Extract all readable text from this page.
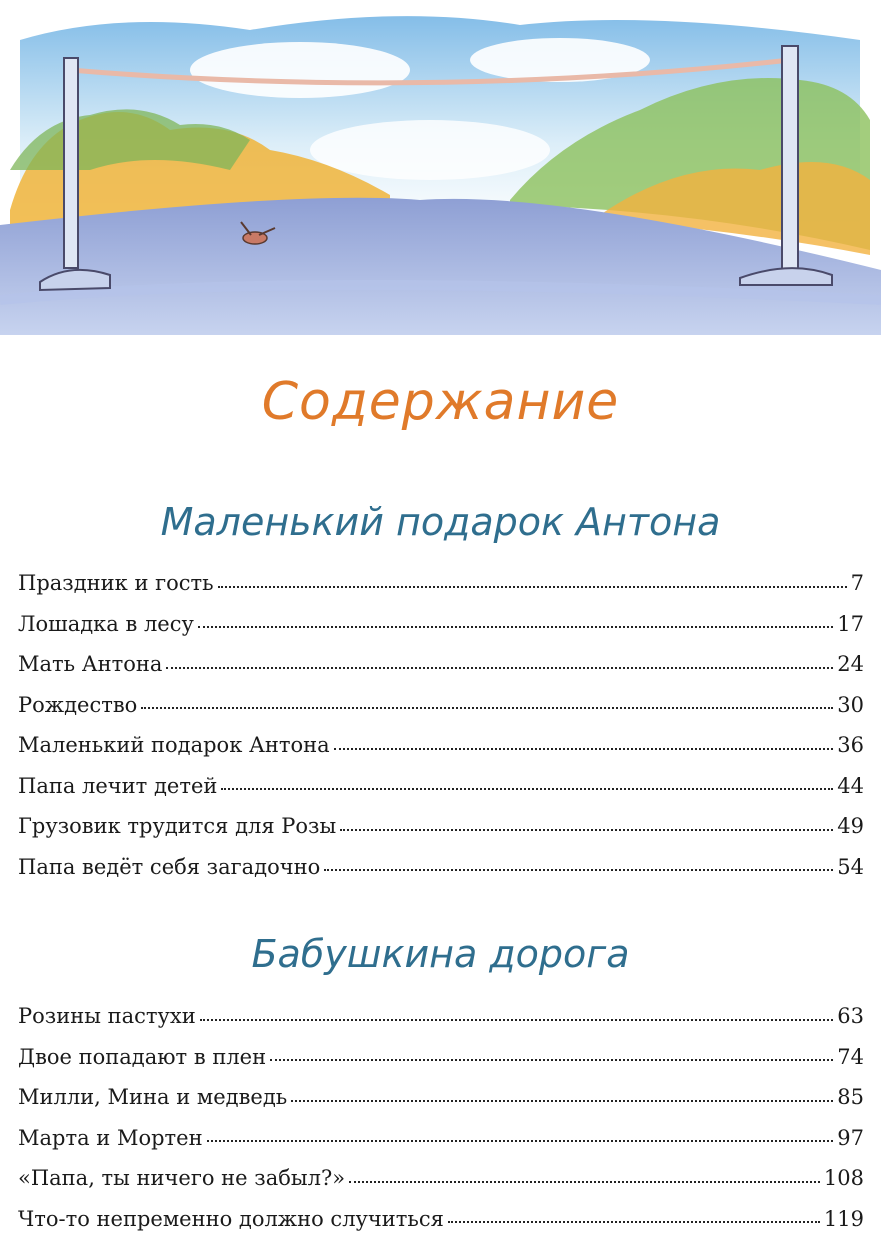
Содержание
Маленький подарок Антона
Праздник и гость	7
Лошадка в лесу	17
Мать Антона	24
Рождество	30
Маленький подарок Антона	36
Папа лечит детей	44
Грузовик трудится для Розы	49
Папа ведёт себя загадочно	54
Бабушкина дорога
Розины пастухи	63
Двое попадают в плен	74
Милли, Мина и медведь	85
Марта и Мортен	97
«Папа, ты ничего не забыл?»	108
Что-то непременно должно случиться	119
